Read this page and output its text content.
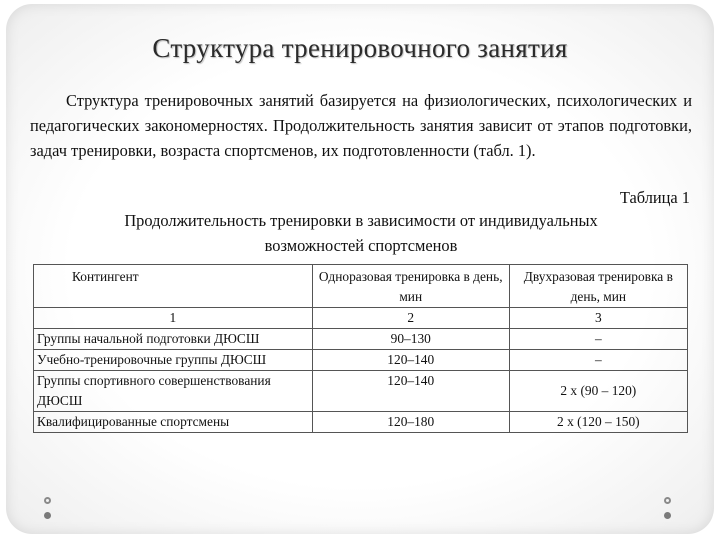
Структура тренировочного занятия

Структура тренировочных занятий базируется на физиологических, психологических и педагогических закономерностях. Продолжительность занятия зависит от этапов подготовки, задач тренировки, возраста спортсменов, их подготовленности (табл. 1).

Таблица 1
Продолжительность тренировки в зависимости от индивидуальных
возможностей спортсменов
Контингент	Одноразовая тренировка в день, мин	Двухразовая тренировка в день, мин
1	2	3
Группы начальной подготовки ДЮСШ	90–130	–
Учебно-тренировочные группы ДЮСШ	120–140	–
Группы спортивного совершенствования ДЮСШ	120–140	2 х (90 – 120)
Квалифицированные спортсмены	120–180	2 х (120 – 150)
